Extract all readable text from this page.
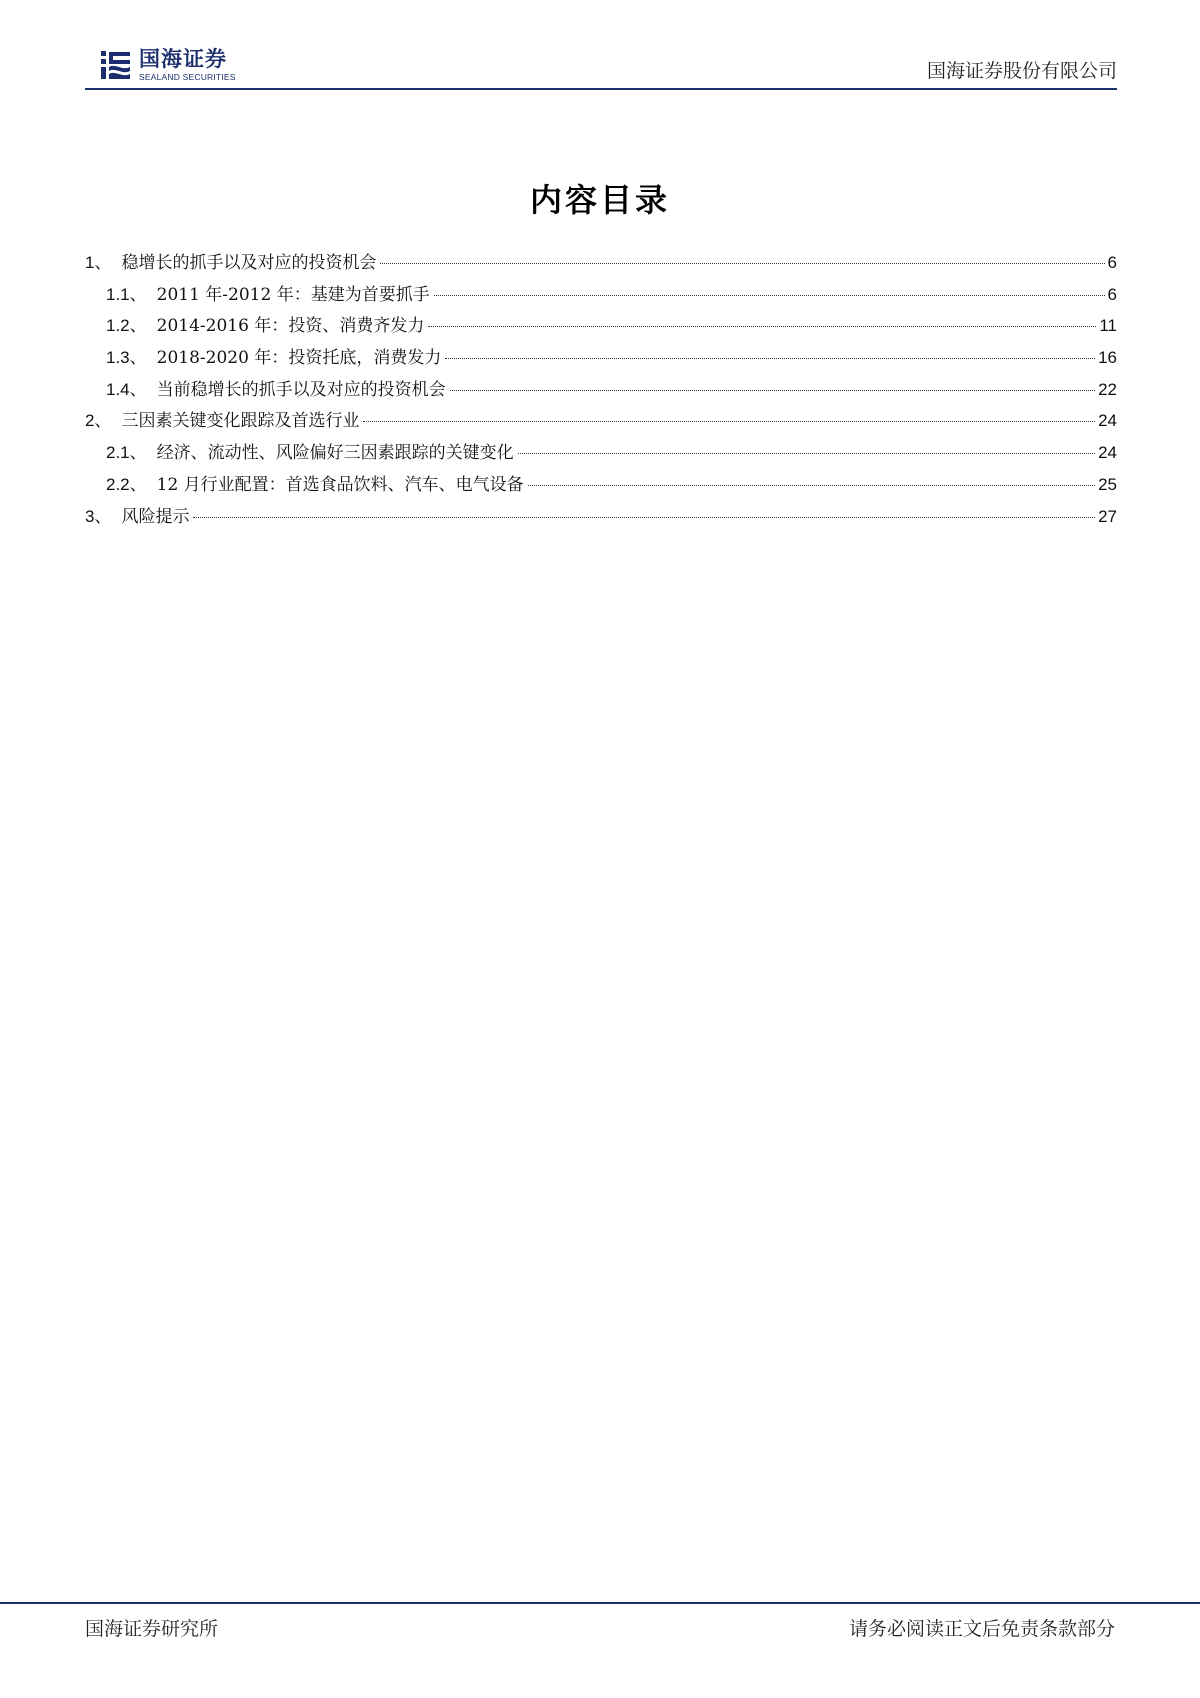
国海证券
SEALAND SECURITIES	国海证券股份有限公司
内容目录
1、 稳增长的抓手以及对应的投资机会	6
1.1、 2011 年-2012 年：基建为首要抓手	6
1.2、 2014-2016 年：投资、消费齐发力	11
1.3、 2018-2020 年：投资托底，消费发力	16
1.4、 当前稳增长的抓手以及对应的投资机会	22
2、 三因素关键变化跟踪及首选行业	24
2.1、 经济、流动性、风险偏好三因素跟踪的关键变化	24
2.2、 12 月行业配置：首选食品饮料、汽车、电气设备	25
3、 风险提示	27
国海证券研究所	请务必阅读正文后免责条款部分
